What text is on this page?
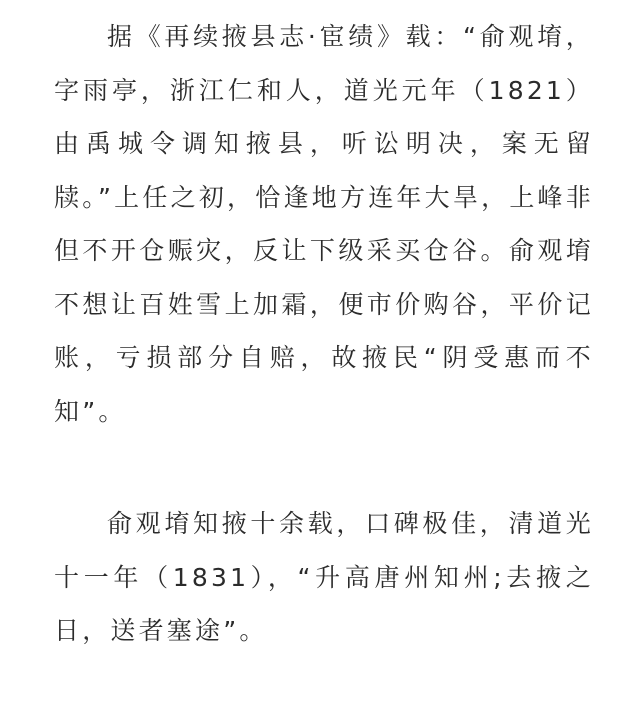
据《再续掖县志·宦绩》载：“俞观堉，字雨亭，浙江仁和人，道光元年（1821）由禹城令调知掖县，听讼明决，案无留牍。”上任之初，恰逢地方连年大旱，上峰非但不开仓赈灾，反让下级采买仓谷。俞观堉不想让百姓雪上加霜，便市价购谷，平价记账，亏损部分自赔，故掖民“阴受惠而不知”。

俞观堉知掖十余载，口碑极佳，清道光十一年（1831），“升高唐州知州;去掖之日，送者塞途”。
